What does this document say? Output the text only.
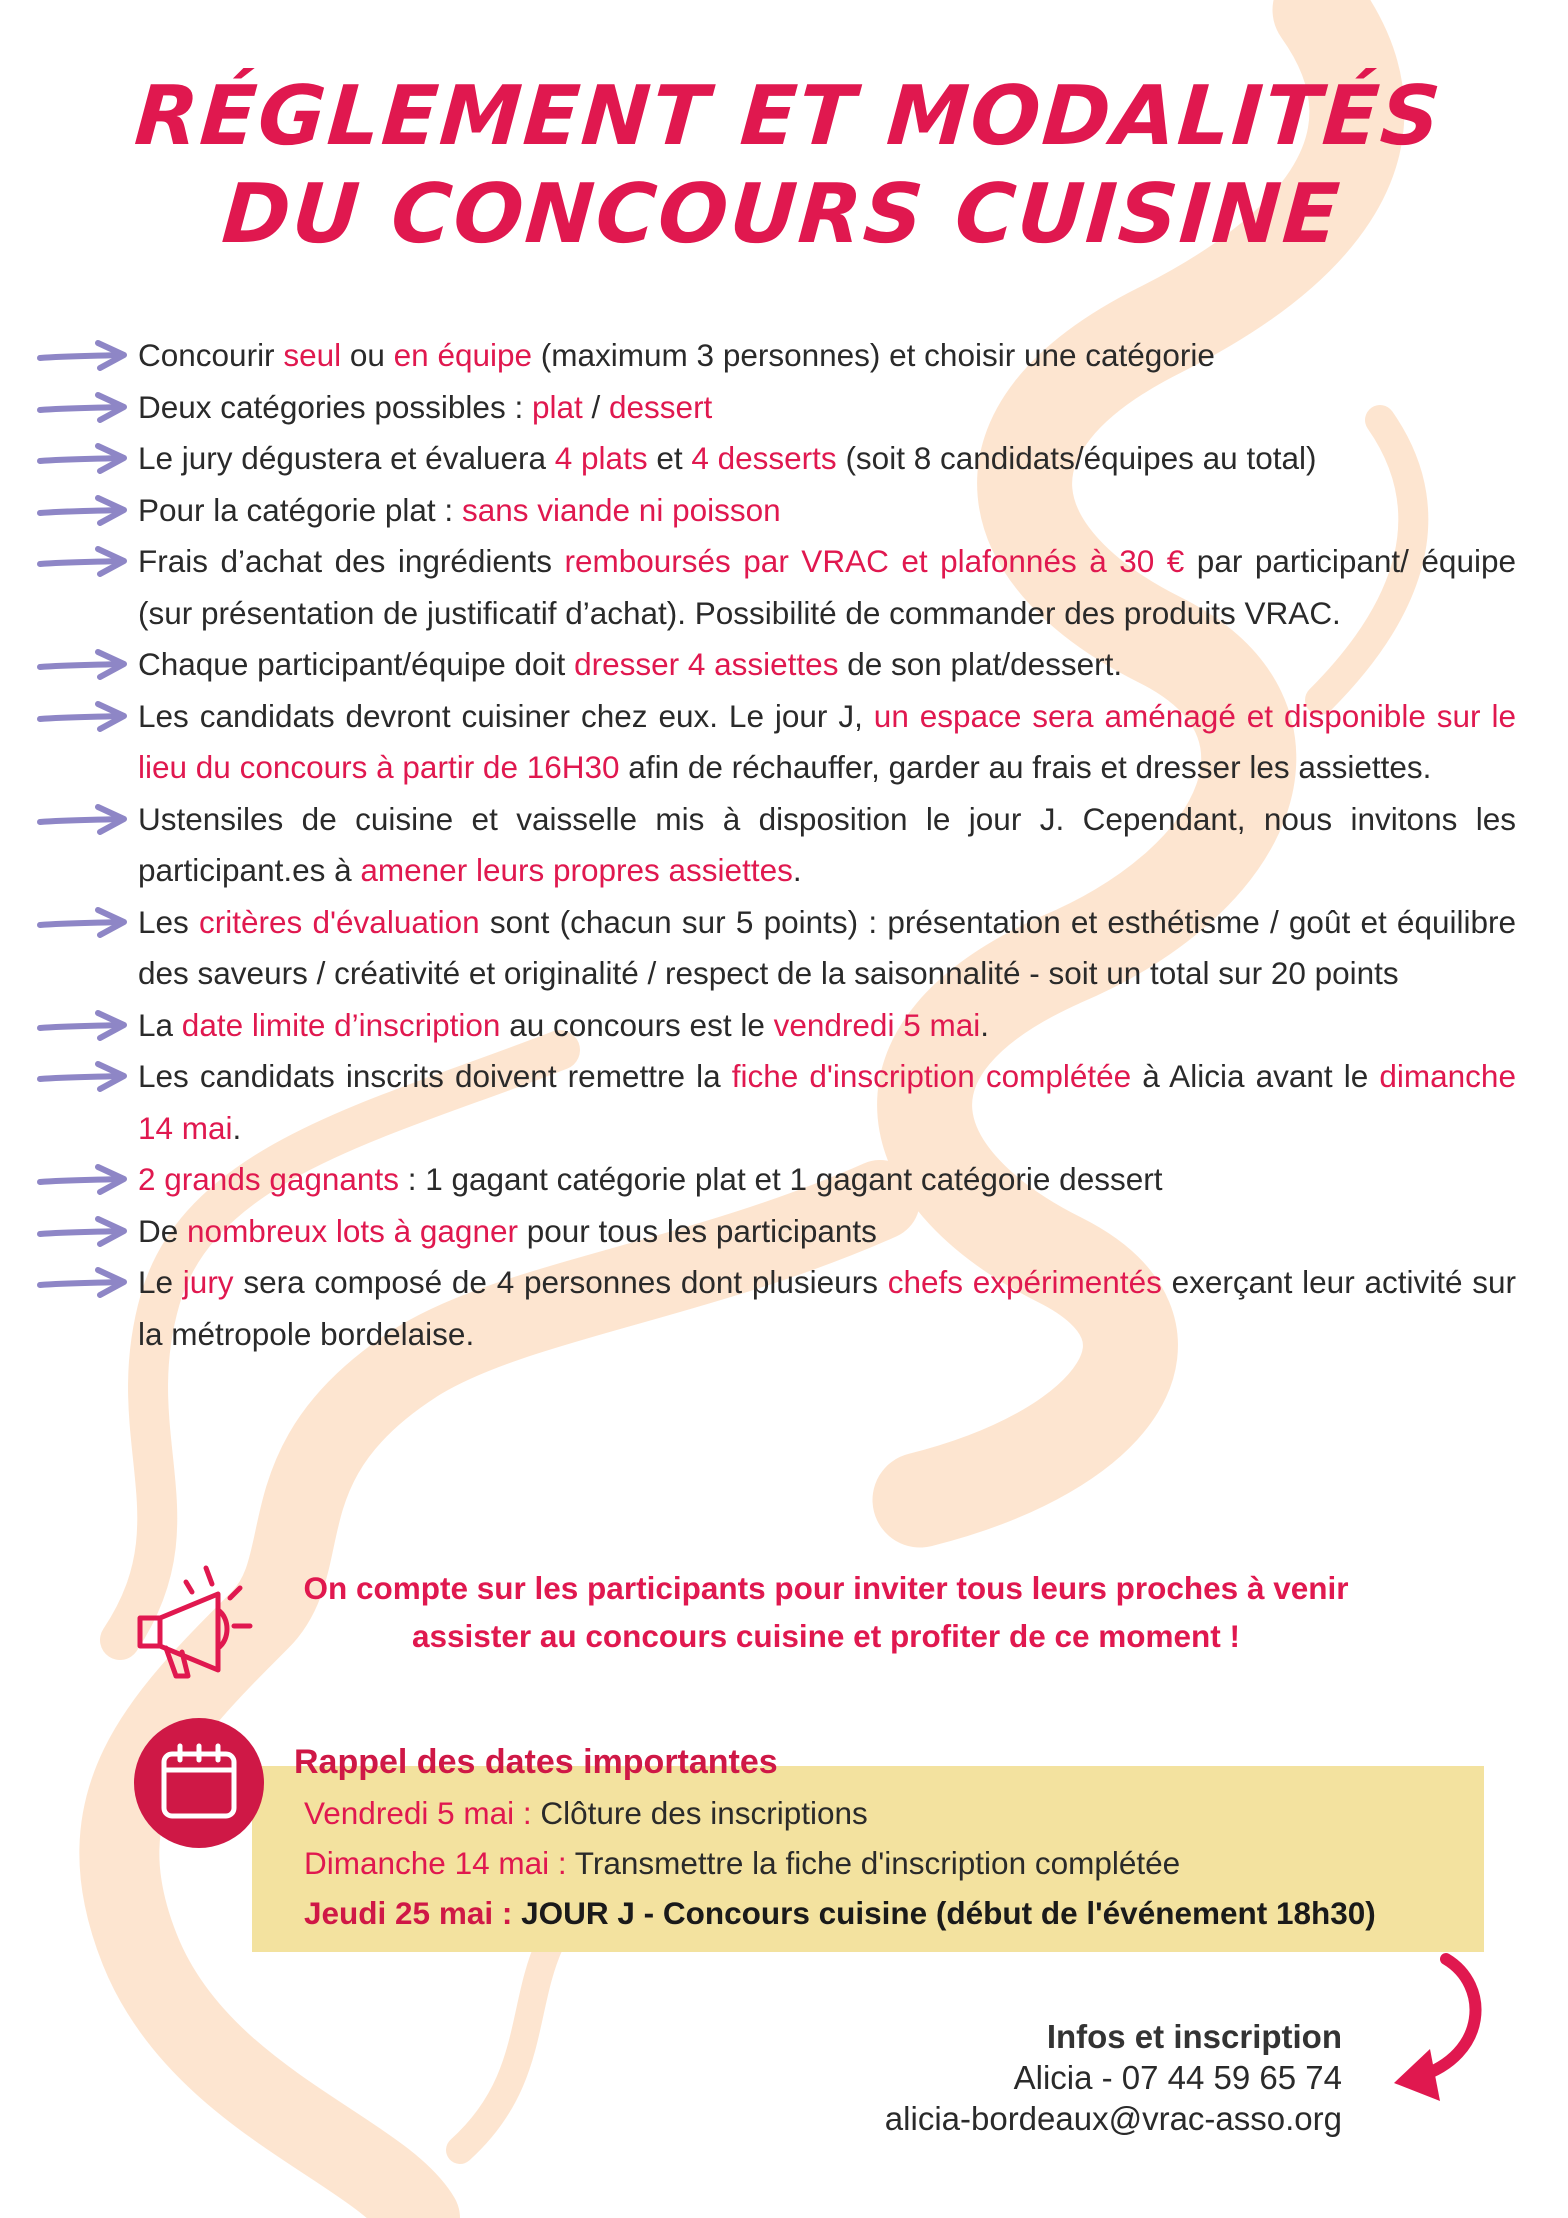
RÉGLEMENT ET MODALITÉS
DU CONCOURS CUISINE
Concourir seul ou en équipe (maximum 3 personnes) et choisir une catégorie
Deux catégories possibles : plat / dessert
Le jury dégustera et évaluera 4 plats et 4 desserts (soit 8 candidats/équipes au total)
Pour la catégorie plat : sans viande ni poisson
Frais d’achat des ingrédients remboursés par VRAC et plafonnés à 30 € par participant/ équipe (sur présentation de justificatif d’achat). Possibilité de commander des produits VRAC.
Chaque participant/équipe doit dresser 4 assiettes de son plat/dessert.
Les candidats devront cuisiner chez eux. Le jour J, un espace sera aménagé et disponible sur le lieu du concours à partir de 16H30 afin de réchauffer, garder au frais et dresser les assiettes.
Ustensiles de cuisine et vaisselle mis à disposition le jour J. Cependant, nous invitons les participant.es à amener leurs propres assiettes.
Les critères d'évaluation sont (chacun sur 5 points) : présentation et esthétisme / goût et équilibre des saveurs / créativité et originalité / respect de la saisonnalité - soit un total sur 20 points
La date limite d’inscription au concours est le vendredi 5 mai.
Les candidats inscrits doivent remettre la fiche d'inscription complétée à Alicia avant le dimanche 14 mai.
2 grands gagnants : 1 gagant catégorie plat et 1 gagant catégorie dessert
De nombreux lots à gagner pour tous les participants
Le jury sera composé de 4 personnes dont plusieurs chefs expérimentés exerçant leur activité sur la métropole bordelaise.
On compte sur les participants pour inviter tous leurs proches à venir assister au concours cuisine et profiter de ce moment !
Vendredi 5 mai : Clôture des inscriptions
Dimanche 14 mai : Transmettre la fiche d'inscription complétée
Jeudi 25 mai : JOUR J - Concours cuisine (début de l'événement 18h30)
Rappel des dates importantes
Infos et inscription
Alicia - 07 44 59 65 74
alicia-bordeaux@vrac-asso.org
